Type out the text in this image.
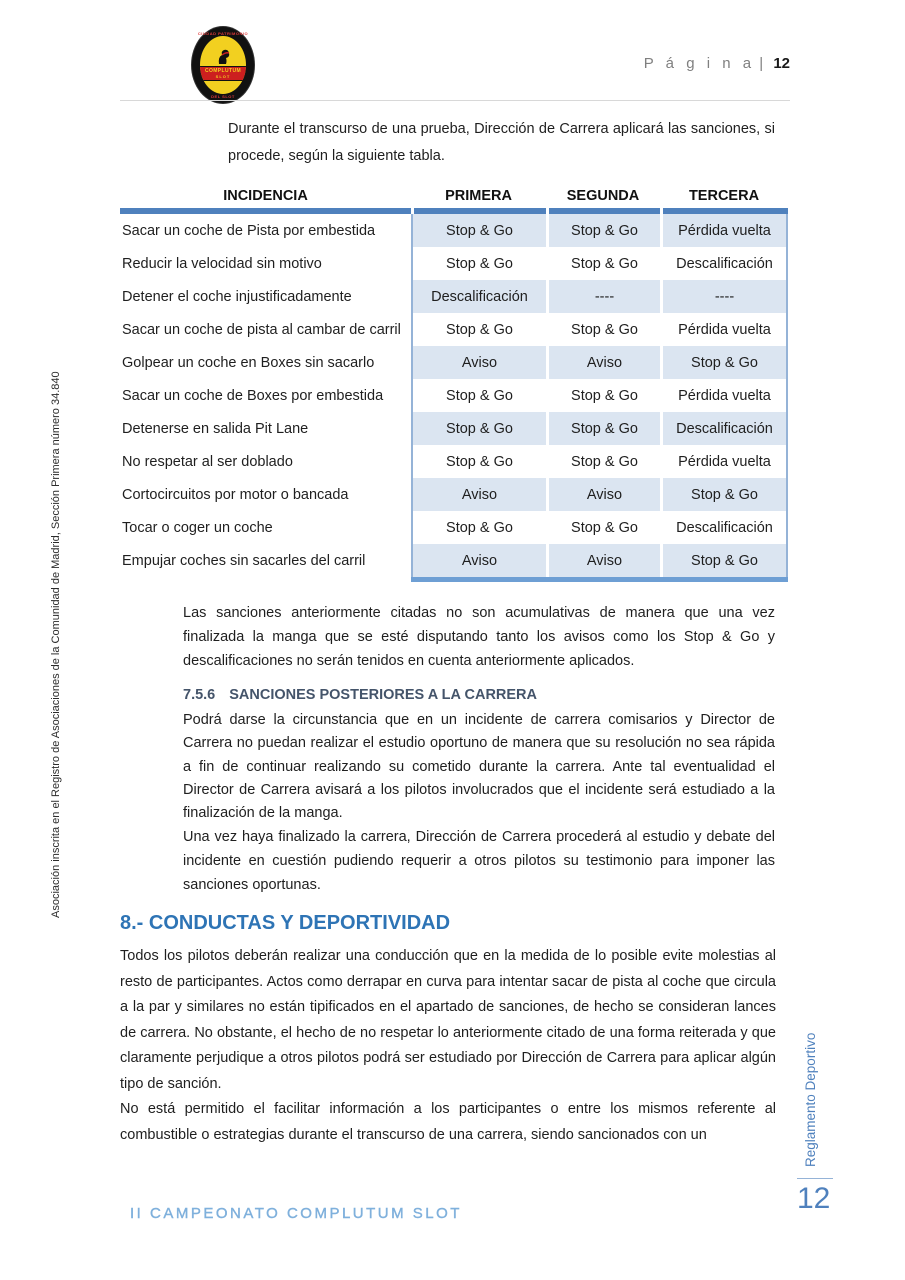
CIUDAD PATRIMONIO
COMPLUTUM
SLOT
DEL SLOT
P á g i n a | 12
Durante el transcurso de una prueba, Dirección de Carrera aplicará las sanciones, si procede, según la siguiente tabla.
INCIDENCIA	PRIMERA	SEGUNDA	TERCERA
Sacar un coche de Pista por embestida	Stop & Go	Stop & Go	Pérdida vuelta
Reducir la velocidad sin motivo	Stop & Go	Stop & Go	Descalificación
Detener el coche injustificadamente	Descalificación	----	----
Sacar un coche de pista al cambar de carril	Stop & Go	Stop & Go	Pérdida vuelta
Golpear un coche en Boxes sin sacarlo	Aviso	Aviso	Stop & Go
Sacar un coche de Boxes por embestida	Stop & Go	Stop & Go	Pérdida vuelta
Detenerse en salida Pit Lane	Stop & Go	Stop & Go	Descalificación
No respetar al ser doblado	Stop & Go	Stop & Go	Pérdida vuelta
Cortocircuitos por motor o bancada	Aviso	Aviso	Stop & Go
Tocar o coger un coche	Stop & Go	Stop & Go	Descalificación
Empujar coches sin sacarles del carril	Aviso	Aviso	Stop & Go
Las sanciones anteriormente citadas no son acumulativas de manera que una vez finalizada la manga que se esté disputando tanto los avisos como los Stop & Go y descalificaciones no serán tenidos en cuenta anteriormente aplicados.
7.5.6 SANCIONES POSTERIORES A LA CARRERA
Podrá darse la circunstancia que en un incidente de carrera comisarios y Director de Carrera no puedan realizar el estudio oportuno de manera que su resolución no sea rápida a fin de continuar realizando su cometido durante la carrera. Ante tal eventualidad el Director de Carrera avisará a los pilotos involucrados que el incidente será estudiado a la finalización de la manga.
Una vez haya finalizado la carrera, Dirección de Carrera procederá al estudio y debate del incidente en cuestión pudiendo requerir a otros pilotos su testimonio para imponer las sanciones oportunas.
8.- CONDUCTAS Y DEPORTIVIDAD
Todos los pilotos deberán realizar una conducción que en la medida de lo posible evite molestias al resto de participantes. Actos como derrapar en curva para intentar sacar de pista al coche que circula a la par y similares no están tipificados en el apartado de sanciones, de hecho se consideran lances de carrera. No obstante, el hecho de no respetar lo anteriormente citado de una forma reiterada y que claramente perjudique a otros pilotos podrá ser estudiado por Dirección de Carrera para aplicar algún tipo de sanción.
No está permitido el facilitar información a los participantes o entre los mismos referente al combustible o estrategias durante el transcurso de una carrera, siendo sancionados con un
Asociación inscrita en el Registro de Asociaciones de la Comunidad de Madrid, Sección Primera número 34.840
Reglamento Deportivo
12
II CAMPEONATO COMPLUTUM SLOT
